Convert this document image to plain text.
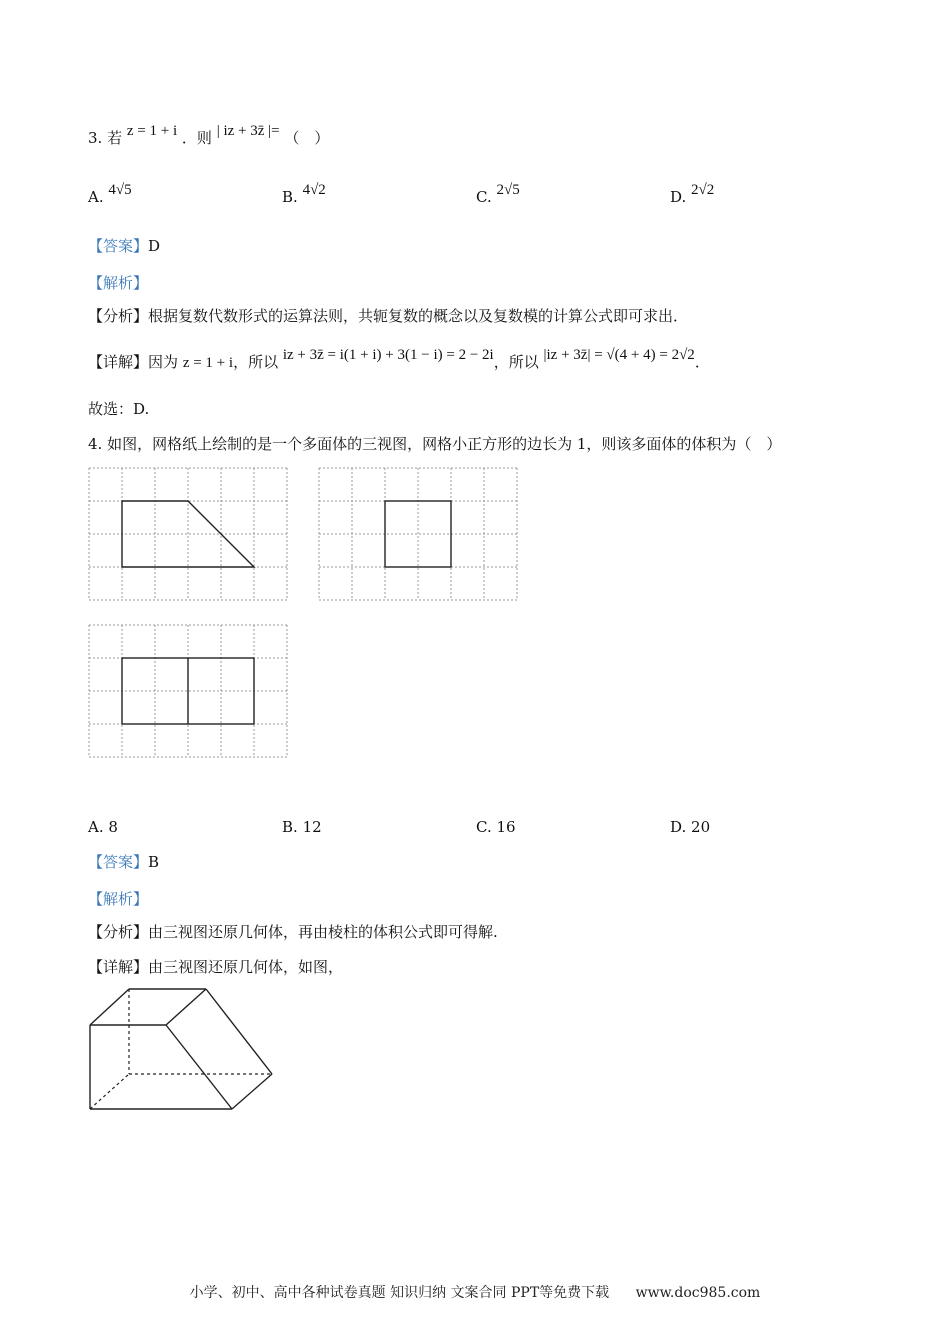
3. 若 z = 1 + i ．则 | iz + 3z̄ |= （　）
A. 4√5	B. 4√2	C. 2√5	D. 2√2
【答案】D
【解析】
【分析】根据复数代数形式的运算法则，共轭复数的概念以及复数模的计算公式即可求出．
【详解】因为 z = 1 + i，所以 iz + 3z̄ = i(1 + i) + 3(1 − i) = 2 − 2i，所以 |iz + 3z̄| = √(4 + 4) = 2√2．
故选：D.
4. 如图，网格纸上绘制的是一个多面体的三视图，网格小正方形的边长为 1，则该多面体的体积为（　）
A. 8	B. 12	C. 16	D. 20
【答案】B
【解析】
【分析】由三视图还原几何体，再由棱柱的体积公式即可得解.
【详解】由三视图还原几何体，如图，
小学、初中、高中各种试卷真题 知识归纳 文案合同 PPT等免费下载 www.doc985.com
